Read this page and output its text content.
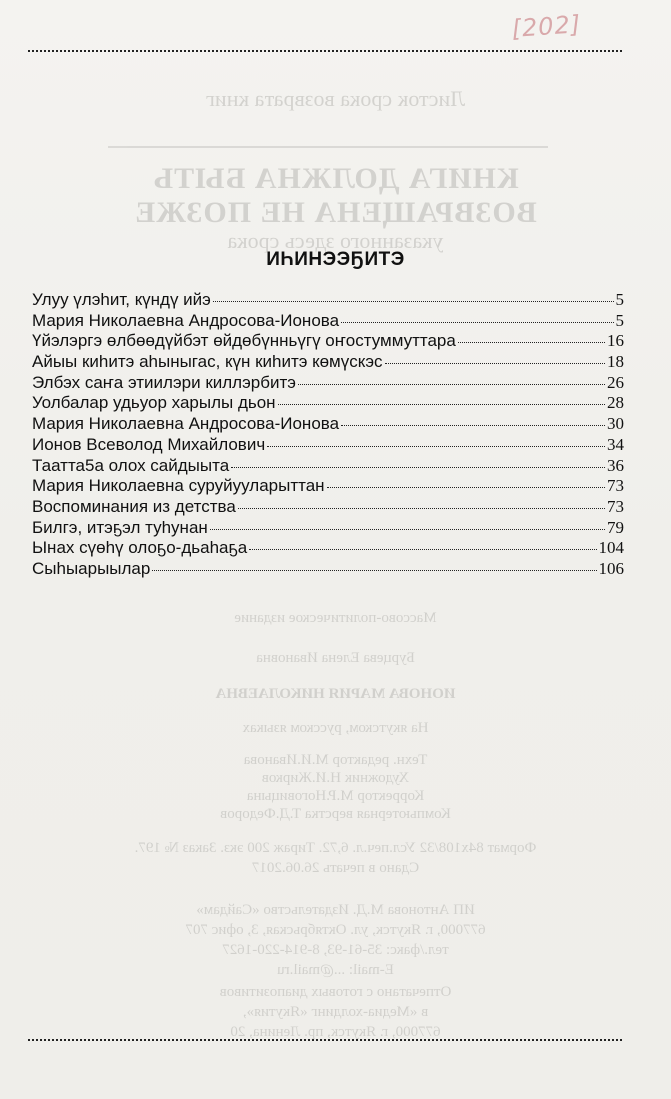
Листок срока возврата книг
КНИГА ДОЛЖНА БЫТЬ
ВОЗВРАЩЕНА НЕ ПОЗЖЕ
указанного здесь срока
Массово-политическое издание
Бурцева Елена Ивановна
ИОНОВА МАРИЯ НИКОЛАЕВНА
На якутском, русском языках
Техн. редактор М.И.Иванова
Художник Н.И.Жирков
Корректор М.Р.Ноговицына
Компьютерная верстка Т.Д.Федоров
Формат 84x108/32 Усл.печ.л. 6,72. Тираж 200 экз. Заказ № 197.
Сдано в печать 26.06.2017
ИП Антонова М.Д. Издательство «Сайдам»
677000, г. Якутск, ул. Октябрьская, 3, офис 707
тел./факс: 35-61-93, 8-914-220-1627
E-mail: ...@mail.ru
Отпечатано с готовых диапозитивов
в «Медиа-холдинг «Якутия»,
677000, г. Якутск, пр. Ленина, 20
[202]
ИҺИНЭЭҔИТЭ
Улуу үлэһит, күндү ийэ	5
Мария Николаевна Андросова-Ионова	5
Үйэлэргэ өлбөөдүйбэт өйдөбүнньүгү оҥостуммуттара	16
Айыы киһитэ аһыныгас, күн киһитэ көмүскэс	18
Элбэх саҥа этиилэри киллэрбитэ	26
Уолбалар удьуор харылы дьон	28
Мария Николаевна Андросова-Ионова	30
Ионов Всеволод Михайлович	34
Таатта5а олох сайдыыта	36
Мария Николаевна суруйууларыттан	73
Воспоминания из детства	73
Билгэ, итэҕэл туһунан	79
Ынах сүөһү олоҕо-дьаһаҕа	104
Сыһыарыылар	106
